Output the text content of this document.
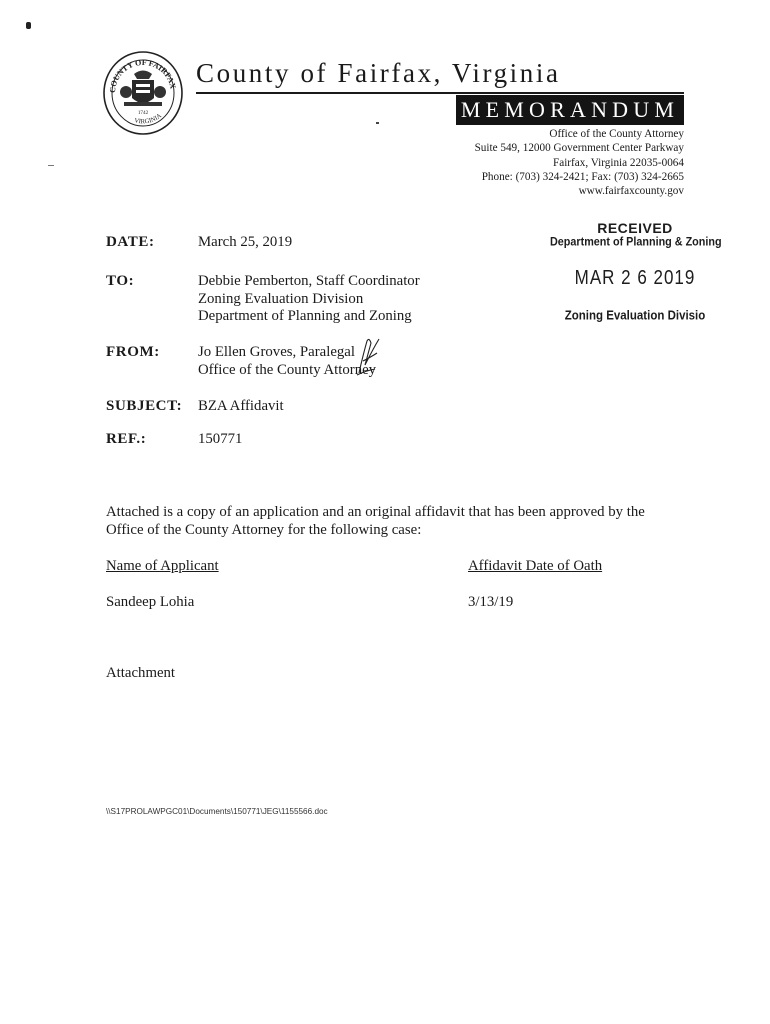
COUNTY OF FAIRFAX
VIRGINIA
1742
County of Fairfax, Virginia
MEMORANDUM
Office of the County Attorney
Suite 549, 12000 Government Center Parkway
Fairfax, Virginia 22035-0064
Phone: (703) 324-2421; Fax: (703) 324-2665
www.fairfaxcounty.gov
RECEIVED
Department of Planning & Zoning
MAR 2 6 2019
Zoning Evaluation Divisio
DATE:	March 25, 2019
TO:	Debbie Pemberton, Staff Coordinator
Zoning Evaluation Division
Department of Planning and Zoning
FROM:	Jo Ellen Groves, Paralegal
Office of the County Attorney
SUBJECT: BZA Affidavit
REF.:	150771
Attached is a copy of an application and an original affidavit that has been approved by the Office of the County Attorney for the following case:
Name of Applicant	Affidavit Date of Oath
Sandeep Lohia	3/13/19
Attachment
\\S17PROLAWPGC01\Documents\150771\JEG\1155566.doc
